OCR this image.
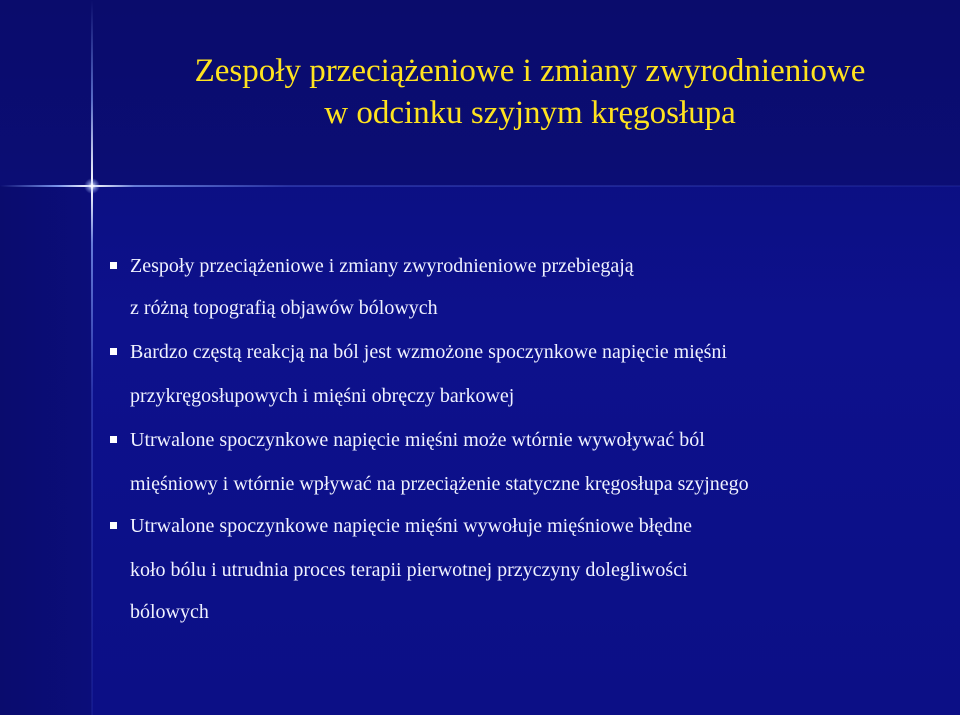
Zespoły przeciążeniowe i zmiany zwyrodnieniowe
w odcinku szyjnym kręgosłupa
Zespoły przeciążeniowe i zmiany zwyrodnieniowe przebiegają
z różną topografią objawów bólowych
Bardzo częstą reakcją na ból jest wzmożone spoczynkowe napięcie mięśni
przykręgosłupowych i mięśni obręczy barkowej
Utrwalone spoczynkowe napięcie mięśni może wtórnie wywoływać ból
mięśniowy i wtórnie wpływać na przeciążenie statyczne kręgosłupa szyjnego
Utrwalone spoczynkowe napięcie mięśni wywołuje mięśniowe błędne
koło bólu i utrudnia proces terapii pierwotnej przyczyny dolegliwości
bólowych
